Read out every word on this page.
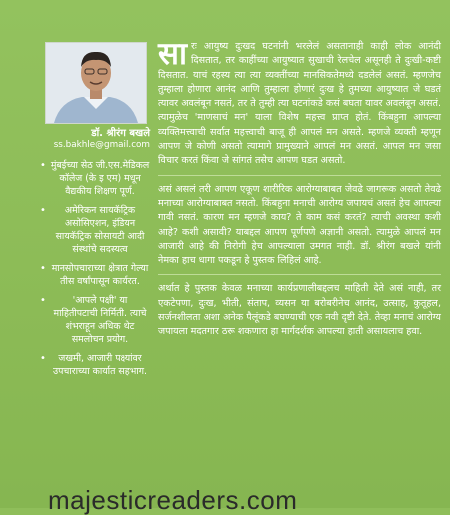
डॉ. श्रीरंग बखले
ss.bakhle@gmail.com
• मुंबईच्या सेठ जी.एस.मेडिकल कॉलेज (के इ एम) मधून वैद्यकीय शिक्षण पूर्ण.
• अमेरिकन सायकॅट्रिक असोसिएशन, इंडियन सायकॅट्रिक सोसायटी आदी संस्थांचे सदस्यत्व
• मानसोपचाराच्या क्षेत्रात गेल्या तीस वर्षांपासून कार्यरत.
•	'आपले पक्षी' या माहितीपटाची निर्मिती. त्याचे शंभराहून अधिक थेट समलोचन प्रयोग.
• जखमी, आजारी पक्ष्यांवर उपचाराच्या कार्यात सहभाग.

सारः आयुष्य दुःखद घटनांनी भरलेलं असतानाही काही लोक आनंदी दिसतात, तर काहींच्या आयुष्यात सुखाची रेलचेल असूनही ते दुःखी-कष्टी दिसतात. याचं रहस्य त्या त्या व्यक्तींच्या मानसिकतेमध्ये दडलेलं असतं. म्हणजेच तुम्हाला होणारा आनंद आणि तुम्हाला होणारं दुःख हे तुमच्या आयुष्यात जे घडतं त्यावर अवलंबून नसतं, तर ते तुम्ही त्या घटनांकडे कसं बघता यावर अवलंबून असतं. त्यामुळेच 'माणसाचं मन' याला विशेष महत्त्व प्राप्त होतं. किंबहुना आपल्या व्यक्तिमत्त्वाची सर्वात महत्त्वाची बाजू ही आपलं मन असते. म्हणजे व्यक्ती म्हणून आपण जे कोणी असतो त्यामागे प्रामुख्याने आपलं मन असतं. आपल मन जसा विचार करतं किंवा जे सांगतं तसेच आपण घडत असतो.

असं असलं तरी आपण एकूण शारीरिक आरोग्याबाबत जेवढे जागरूक असतो तेवढे मनाच्या आरोग्याबाबत नसतो. किंबहुना मनाची आरोग्य जपायचं असतं हेच आपल्या गावी नसतं. कारण मन म्हणजे काय? ते काम कसं करतं? त्याची अवस्था कशी आहे? कशी असावी? याबद्दल आपण पूर्णपणे अज्ञानी असतो. त्यामुळे आपलं मन आजारी आहे की निरोगी हेच आपल्याला उमगत नाही. डॉ. श्रीरंग बखले यांनी नेमका हाच धागा पकडून हे पुस्तक लिहिलं आहे.

अर्थात हे पुस्तक केवळ मनाच्या कार्यप्रणालीबद्दलच माहिती देते असं नाही, तर एकटेपणा, दुःख, भीती, संताप, व्यसन या बरोबरीनेच आनंद, उत्साह, कुतूहल, सर्जनशीलता अशा अनेक पैलूंकडे बघण्याची एक नवी दृष्टी देते. तेव्हा मनाचं आरोग्य जपायला मदतगार ठरू शकणारा हा मार्गदर्शक आपल्या हाती असायलाच हवा.

majesticreaders.com
